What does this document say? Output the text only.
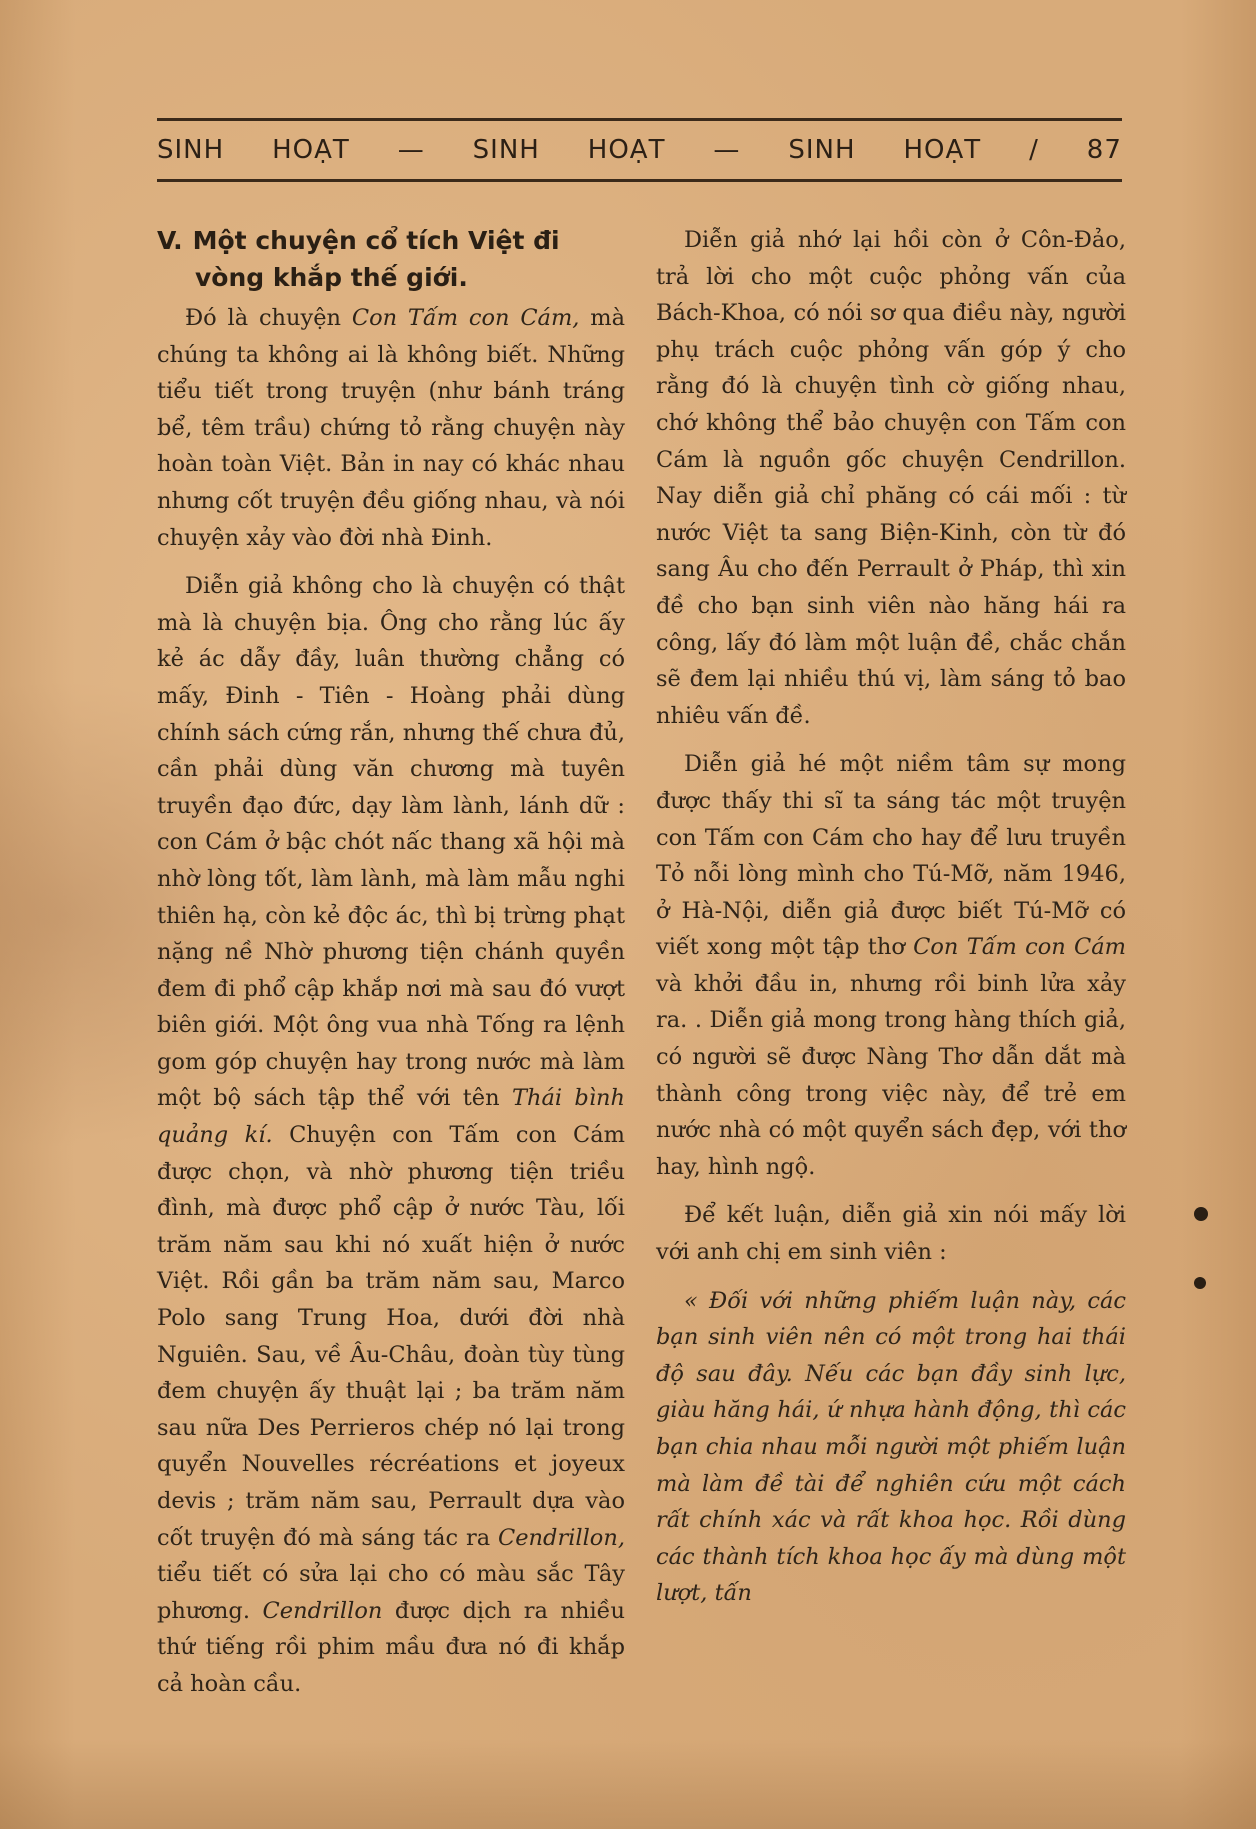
SINH HOẠT — SINH HOẠT — SINH HOẠT / 87
V. Một chuyện cổ tích Việt đi
vòng khắp thế giới.

Đó là chuyện Con Tấm con Cám, mà chúng ta không ai là không biết. Những tiểu tiết trong truyện (như bánh tráng bể, têm trầu) chứng tỏ rằng chuyện này hoàn toàn Việt. Bản in nay có khác nhau nhưng cốt truyện đều giống nhau, và nói chuyện xảy vào đời nhà Đinh.

Diễn giả không cho là chuyện có thật mà là chuyện bịa. Ông cho rằng lúc ấy kẻ ác dẫy đầy, luân thường chẳng có mấy, Đinh - Tiên - Hoàng phải dùng chính sách cứng rắn, nhưng thế chưa đủ, cần phải dùng văn chương mà tuyên truyền đạo đức, dạy làm lành, lánh dữ : con Cám ở bậc chót nấc thang xã hội mà nhờ lòng tốt, làm lành, mà làm mẫu nghi thiên hạ, còn kẻ độc ác, thì bị trừng phạt nặng nề Nhờ phương tiện chánh quyền đem đi phổ cập khắp nơi mà sau đó vượt biên giới. Một ông vua nhà Tống ra lệnh gom góp chuyện hay trong nước mà làm một bộ sách tập thể với tên Thái bình quảng kí. Chuyện con Tấm con Cám được chọn, và nhờ phương tiện triều đình, mà được phổ cập ở nước Tàu, lối trăm năm sau khi nó xuất hiện ở nước Việt. Rồi gần ba trăm năm sau, Marco Polo sang Trung Hoa, dưới đời nhà Nguiên. Sau, về Âu-Châu, đoàn tùy tùng đem chuyện ấy thuật lại ; ba trăm năm sau nữa Des Perrieros chép nó lại trong quyển Nouvelles récréations et joyeux devis ; trăm năm sau, Perrault dựa vào cốt truyện đó mà sáng tác ra Cendrillon, tiểu tiết có sửa lại cho có màu sắc Tây phương. Cendrillon được dịch ra nhiều thứ tiếng rồi phim mầu đưa nó đi khắp cả hoàn cầu.

Diễn giả nhớ lại hồi còn ở Côn-Đảo, trả lời cho một cuộc phỏng vấn của Bách-Khoa, có nói sơ qua điều này, người phụ trách cuộc phỏng vấn góp ý cho rằng đó là chuyện tình cờ giống nhau, chớ không thể bảo chuyện con Tấm con Cám là nguồn gốc chuyện Cendrillon. Nay diễn giả chỉ phăng có cái mối : từ nước Việt ta sang Biện-Kinh, còn từ đó sang Âu cho đến Perrault ở Pháp, thì xin đề cho bạn sinh viên nào hăng hái ra công, lấy đó làm một luận đề, chắc chắn sẽ đem lại nhiều thú vị, làm sáng tỏ bao nhiêu vấn đề.

Diễn giả hé một niềm tâm sự mong được thấy thi sĩ ta sáng tác một truyện con Tấm con Cám cho hay để lưu truyền Tỏ nỗi lòng mình cho Tú-Mỡ, năm 1946, ở Hà-Nội, diễn giả được biết Tú-Mỡ có viết xong một tập thơ Con Tấm con Cám và khởi đầu in, nhưng rồi binh lửa xảy ra. . Diễn giả mong trong hàng thích giả, có người sẽ được Nàng Thơ dẫn dắt mà thành công trong việc này, để trẻ em nước nhà có một quyển sách đẹp, với thơ hay, hình ngộ.

Để kết luận, diễn giả xin nói mấy lời với anh chị em sinh viên :

« Đối với những phiếm luận này, các bạn sinh viên nên có một trong hai thái độ sau đây. Nếu các bạn đầy sinh lực, giàu hăng hái, ứ nhựa hành động, thì các bạn chia nhau mỗi người một phiếm luận mà làm đề tài để nghiên cứu một cách rất chính xác và rất khoa học. Rồi dùng các thành tích khoa học ấy mà dùng một lượt, tấn
